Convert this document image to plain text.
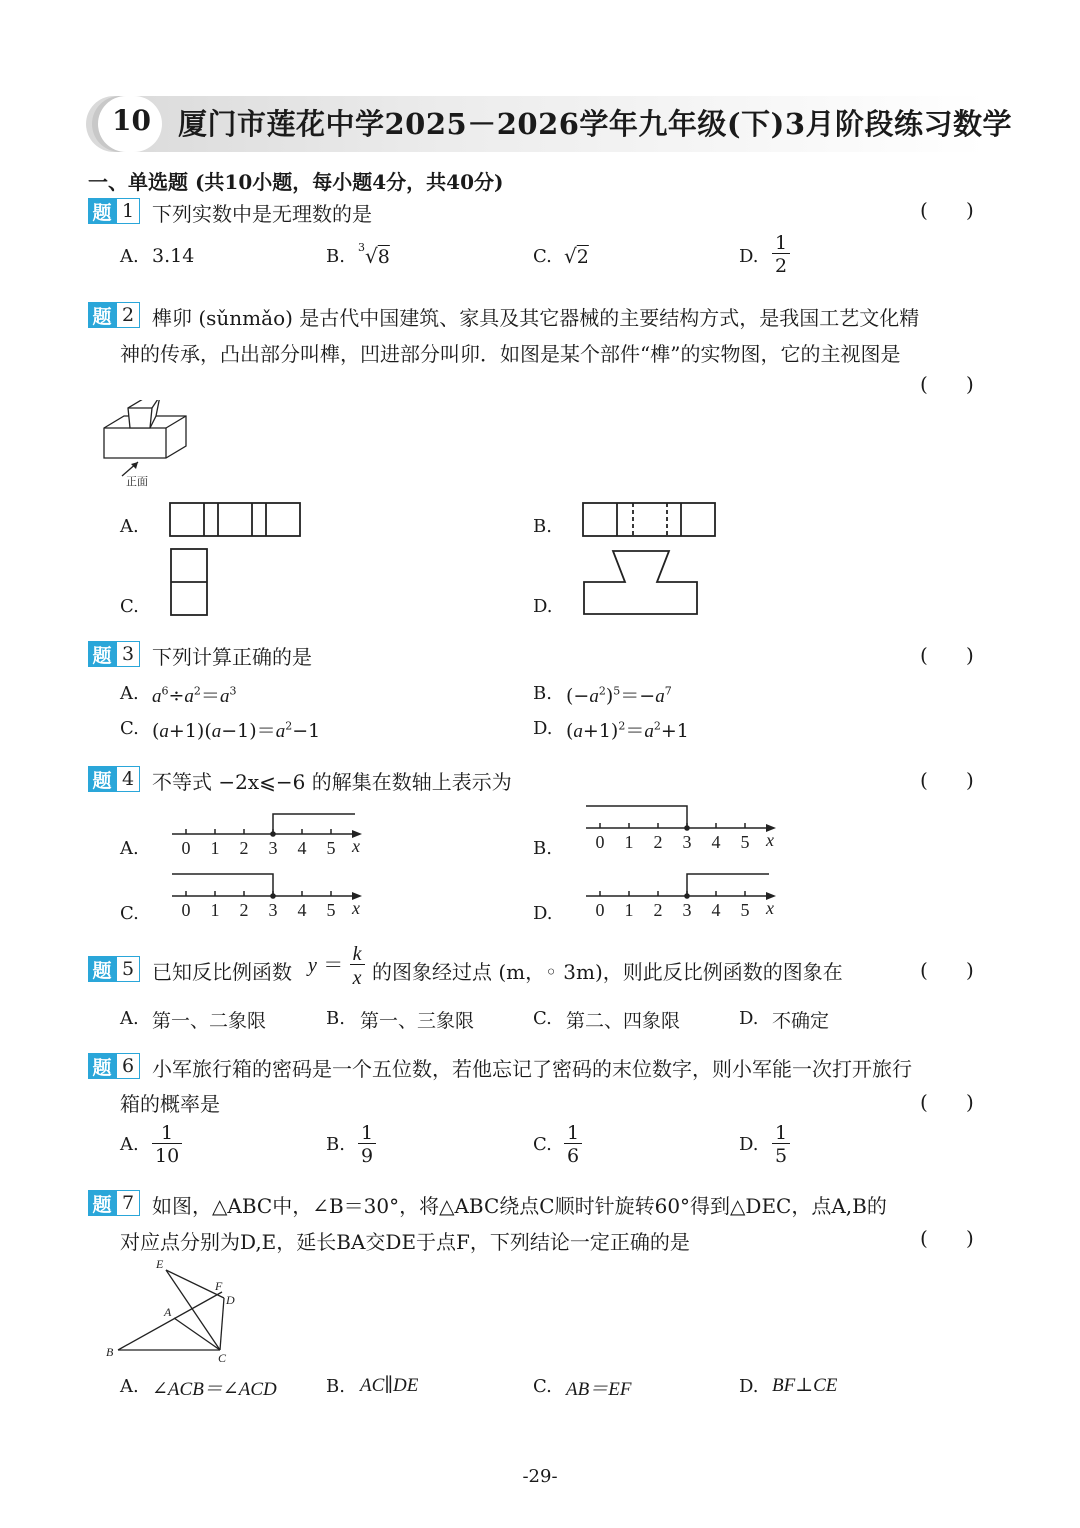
10 厦门市莲花中学2025－2026学年九年级(下)3月阶段练习数学
一、单选题 (共10小题，每小题4分，共40分)
题 1 下列实数中是无理数的是	(      )
A. 3.14	B. $^3$√8	C. √2	D. $\frac{1}{2}$
题 2 榫卯 (sǔnmǎo) 是古代中国建筑、家具及其它器械的主要结构方式，是我国工艺文化精
神的传承，凸出部分叫榫，凹进部分叫卯．如图是某个部件“榫”的实物图，它的主视图是
(      )
正面
A.	B.
C.	D.
题 3 下列计算正确的是	(      )
A. $a^6\div a^2=a^3$	B. $(-a^2)^5=-a^7$
C. $(a+1)(a-1)=a^2-1$	D. $(a+1)^2=a^2+1$
题 4 不等式 −2x⩽−6 的解集在数轴上表示为	(      )
A.	B.
C.	D.
0 1 2 3 4 5 x	0 1 2 3 4 5 x
0 1 2 3 4 5 x	0 1 2 3 4 5 x
题 5 已知反比例函数 $y = \frac{k}{x}$ 的图象经过点 (m，◦ 3m)，则此反比例函数的图象在	(      )
A. 第一、二象限	B. 第一、三象限	C. 第二、四象限	D. 不确定
题 6 小军旅行箱的密码是一个五位数，若他忘记了密码的末位数字，则小军能一次打开旅行
箱的概率是	(      )
A. $\frac{1}{10}$	B. $\frac{1}{9}$	C. $\frac{1}{6}$	D. $\frac{1}{5}$
题 7 如图，△ABC中，∠B＝30°，将△ABC绕点C顺时针旋转60°得到△DEC，点A,B的
对应点分别为D,E，延长BA交DE于点F，下列结论一定正确的是	(      )
E
F
D
A
B	C
A. ∠ACB＝∠ACD	B. AC∥DE	C. AB＝EF	D. BF⊥CE
-29-
